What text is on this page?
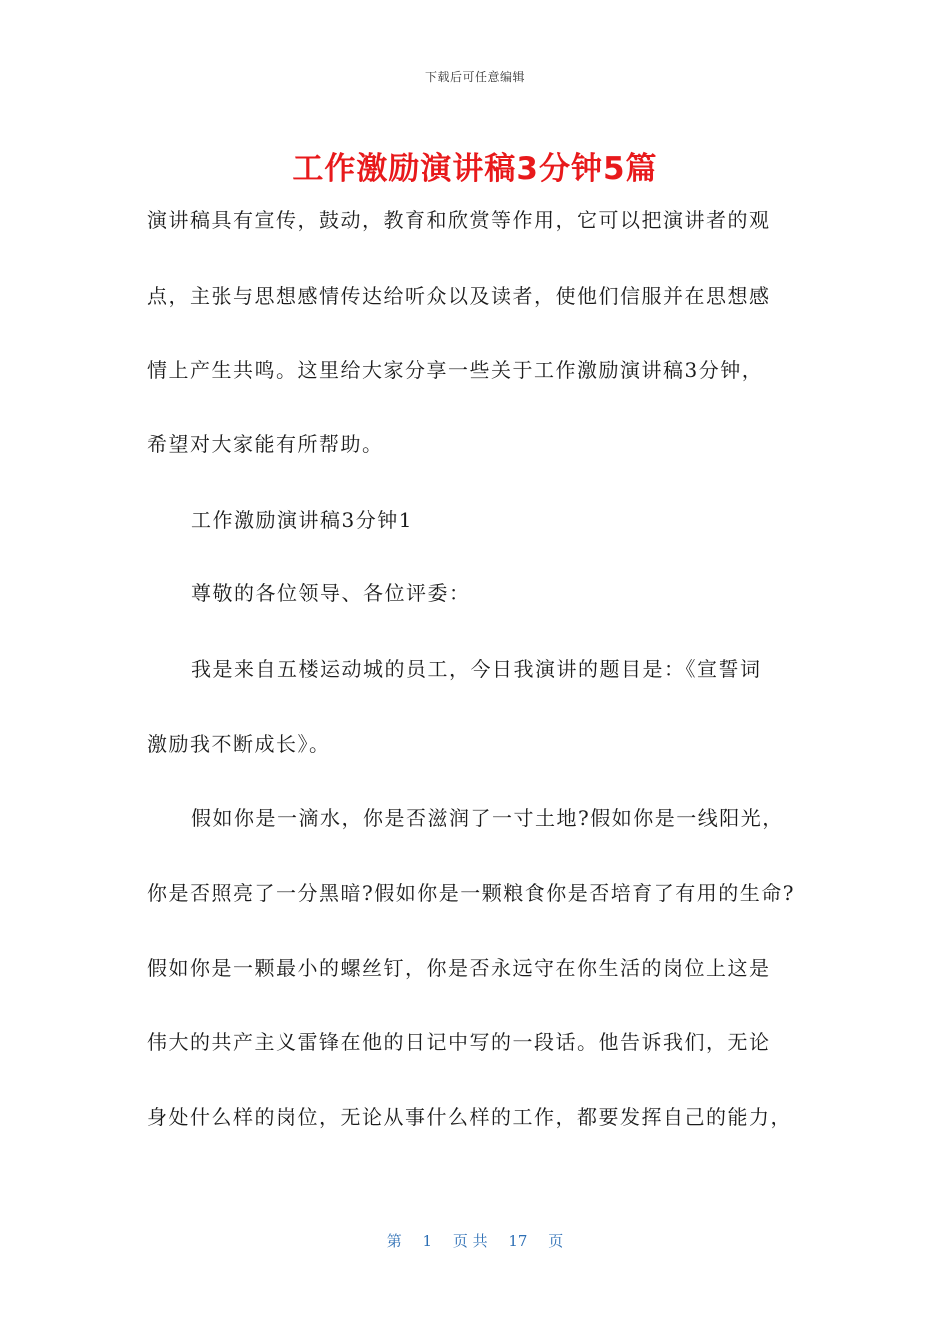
下载后可任意编辑
工作激励演讲稿3分钟5篇
演讲稿具有宣传，鼓动，教育和欣赏等作用，它可以把演讲者的观
点，主张与思想感情传达给听众以及读者，使他们信服并在思想感
情上产生共鸣。这里给大家分享一些关于工作激励演讲稿3分钟，
希望对大家能有所帮助。
工作激励演讲稿3分钟1
尊敬的各位领导、各位评委：
我是来自五楼运动城的员工，今日我演讲的题目是：《宣誓词
激励我不断成长》。
假如你是一滴水，你是否滋润了一寸土地?假如你是一线阳光，
你是否照亮了一分黑暗?假如你是一颗粮食你是否培育了有用的生命?
假如你是一颗最小的螺丝钉，你是否永远守在你生活的岗位上这是
伟大的共产主义雷锋在他的日记中写的一段话。他告诉我们，无论
身处什么样的岗位，无论从事什么样的工作，都要发挥自己的能力，
第 1 页 共 17 页
